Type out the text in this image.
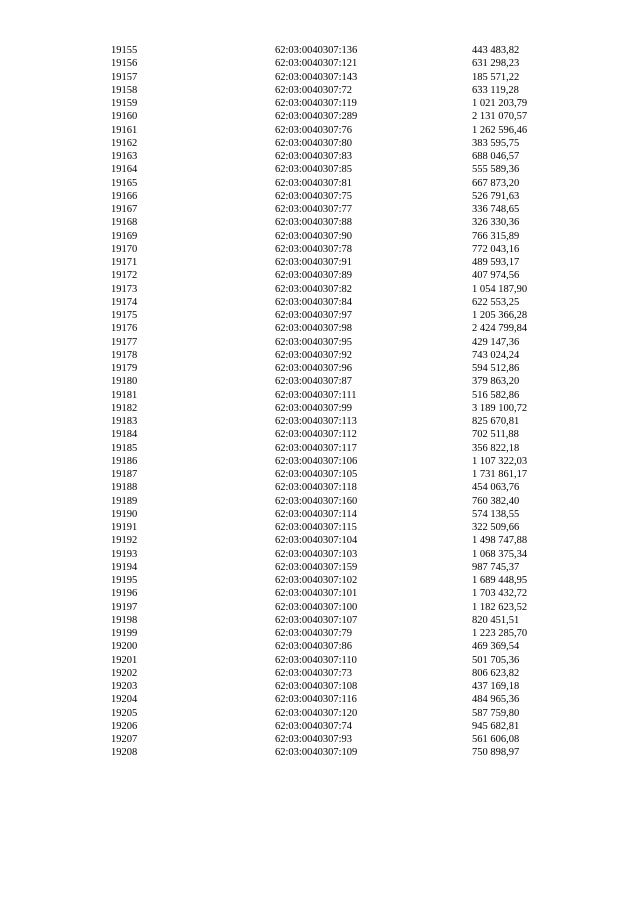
19155	62:03:0040307:136	443 483,82
19156	62:03:0040307:121	631 298,23
19157	62:03:0040307:143	185 571,22
19158	62:03:0040307:72	633 119,28
19159	62:03:0040307:119	1 021 203,79
19160	62:03:0040307:289	2 131 070,57
19161	62:03:0040307:76	1 262 596,46
19162	62:03:0040307:80	383 595,75
19163	62:03:0040307:83	688 046,57
19164	62:03:0040307:85	555 589,36
19165	62:03:0040307:81	667 873,20
19166	62:03:0040307:75	526 791,63
19167	62:03:0040307:77	336 748,65
19168	62:03:0040307:88	326 330,36
19169	62:03:0040307:90	766 315,89
19170	62:03:0040307:78	772 043,16
19171	62:03:0040307:91	489 593,17
19172	62:03:0040307:89	407 974,56
19173	62:03:0040307:82	1 054 187,90
19174	62:03:0040307:84	622 553,25
19175	62:03:0040307:97	1 205 366,28
19176	62:03:0040307:98	2 424 799,84
19177	62:03:0040307:95	429 147,36
19178	62:03:0040307:92	743 024,24
19179	62:03:0040307:96	594 512,86
19180	62:03:0040307:87	379 863,20
19181	62:03:0040307:111	516 582,86
19182	62:03:0040307:99	3 189 100,72
19183	62:03:0040307:113	825 670,81
19184	62:03:0040307:112	702 511,88
19185	62:03:0040307:117	356 822,18
19186	62:03:0040307:106	1 107 322,03
19187	62:03:0040307:105	1 731 861,17
19188	62:03:0040307:118	454 063,76
19189	62:03:0040307:160	760 382,40
19190	62:03:0040307:114	574 138,55
19191	62:03:0040307:115	322 509,66
19192	62:03:0040307:104	1 498 747,88
19193	62:03:0040307:103	1 068 375,34
19194	62:03:0040307:159	987 745,37
19195	62:03:0040307:102	1 689 448,95
19196	62:03:0040307:101	1 703 432,72
19197	62:03:0040307:100	1 182 623,52
19198	62:03:0040307:107	820 451,51
19199	62:03:0040307:79	1 223 285,70
19200	62:03:0040307:86	469 369,54
19201	62:03:0040307:110	501 705,36
19202	62:03:0040307:73	806 623,82
19203	62:03:0040307:108	437 169,18
19204	62:03:0040307:116	484 965,36
19205	62:03:0040307:120	587 759,80
19206	62:03:0040307:74	945 682,81
19207	62:03:0040307:93	561 606,08
19208	62:03:0040307:109	750 898,97
